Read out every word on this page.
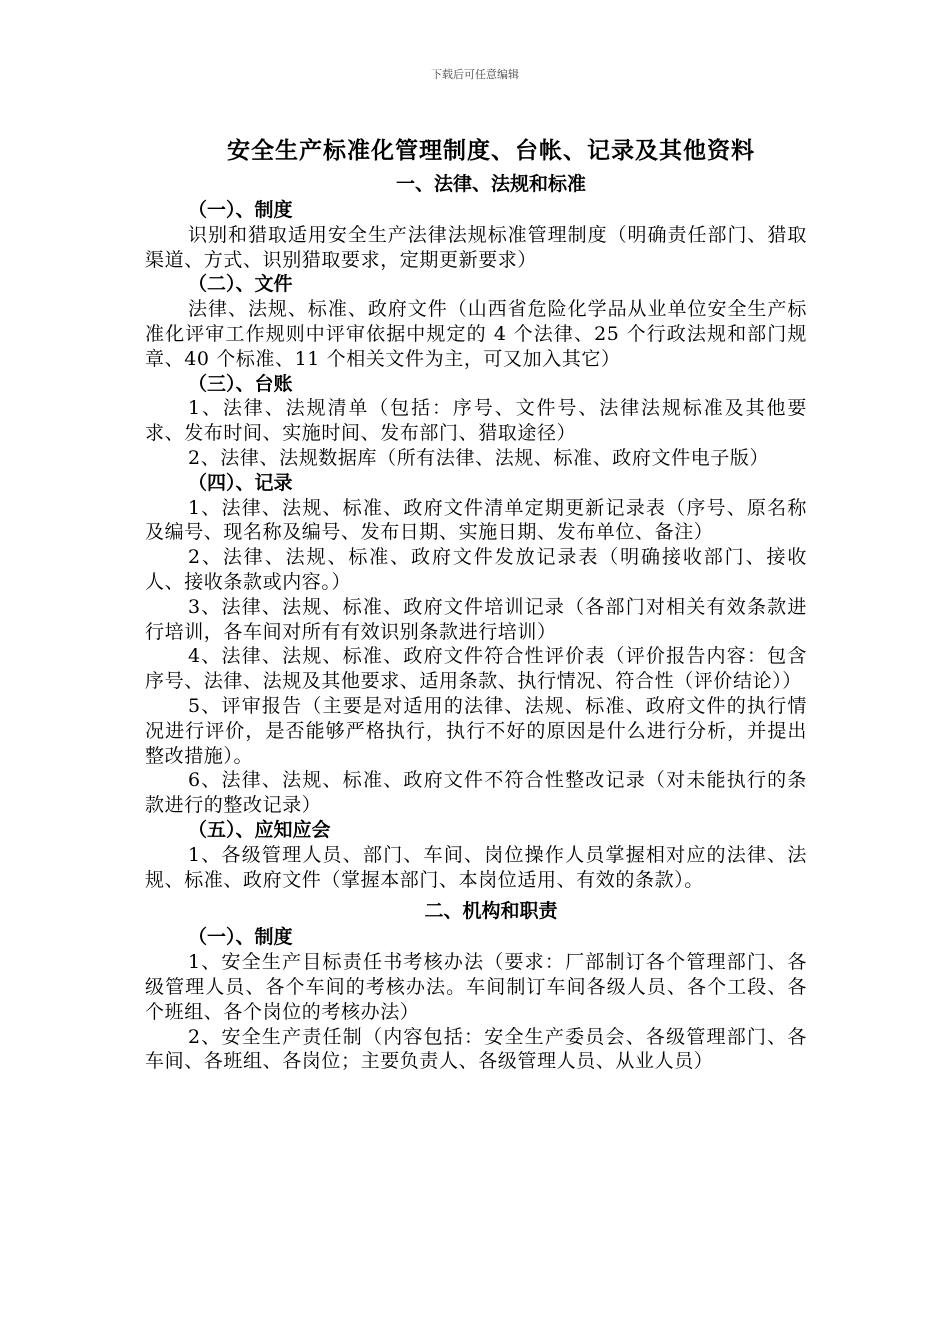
下载后可任意编辑
安全生产标准化管理制度、台帐、记录及其他资料
一、法律、法规和标准
（一）、制度
识别和猎取适用安全生产法律法规标准管理制度（明确责任部门、猎取渠道、方式、识别猎取要求，定期更新要求）
（二）、文件
法律、法规、标准、政府文件（山西省危险化学品从业单位安全生产标准化评审工作规则中评审依据中规定的 4 个法律、25 个行政法规和部门规章、40 个标准、11 个相关文件为主，可又加入其它）
（三）、台账
1、法律、法规清单（包括：序号、文件号、法律法规标准及其他要求、发布时间、实施时间、发布部门、猎取途径）
2、法律、法规数据库（所有法律、法规、标准、政府文件电子版）
（四）、记录
1、法律、法规、标准、政府文件清单定期更新记录表（序号、原名称及编号、现名称及编号、发布日期、实施日期、发布单位、备注）
2、法律、法规、标准、政府文件发放记录表（明确接收部门、接收人、接收条款或内容。）
3、法律、法规、标准、政府文件培训记录（各部门对相关有效条款进行培训，各车间对所有有效识别条款进行培训）
4、法律、法规、标准、政府文件符合性评价表（评价报告内容：包含序号、法律、法规及其他要求、适用条款、执行情况、符合性（评价结论））
5、评审报告（主要是对适用的法律、法规、标准、政府文件的执行情况进行评价，是否能够严格执行，执行不好的原因是什么进行分析，并提出整改措施）。
6、法律、法规、标准、政府文件不符合性整改记录（对未能执行的条款进行的整改记录）
（五）、应知应会
1、各级管理人员、部门、车间、岗位操作人员掌握相对应的法律、法规、标准、政府文件（掌握本部门、本岗位适用、有效的条款）。
二、机构和职责
（一）、制度
1、安全生产目标责任书考核办法（要求：厂部制订各个管理部门、各级管理人员、各个车间的考核办法。车间制订车间各级人员、各个工段、各个班组、各个岗位的考核办法）
2、安全生产责任制（内容包括：安全生产委员会、各级管理部门、各车间、各班组、各岗位；主要负责人、各级管理人员、从业人员）
